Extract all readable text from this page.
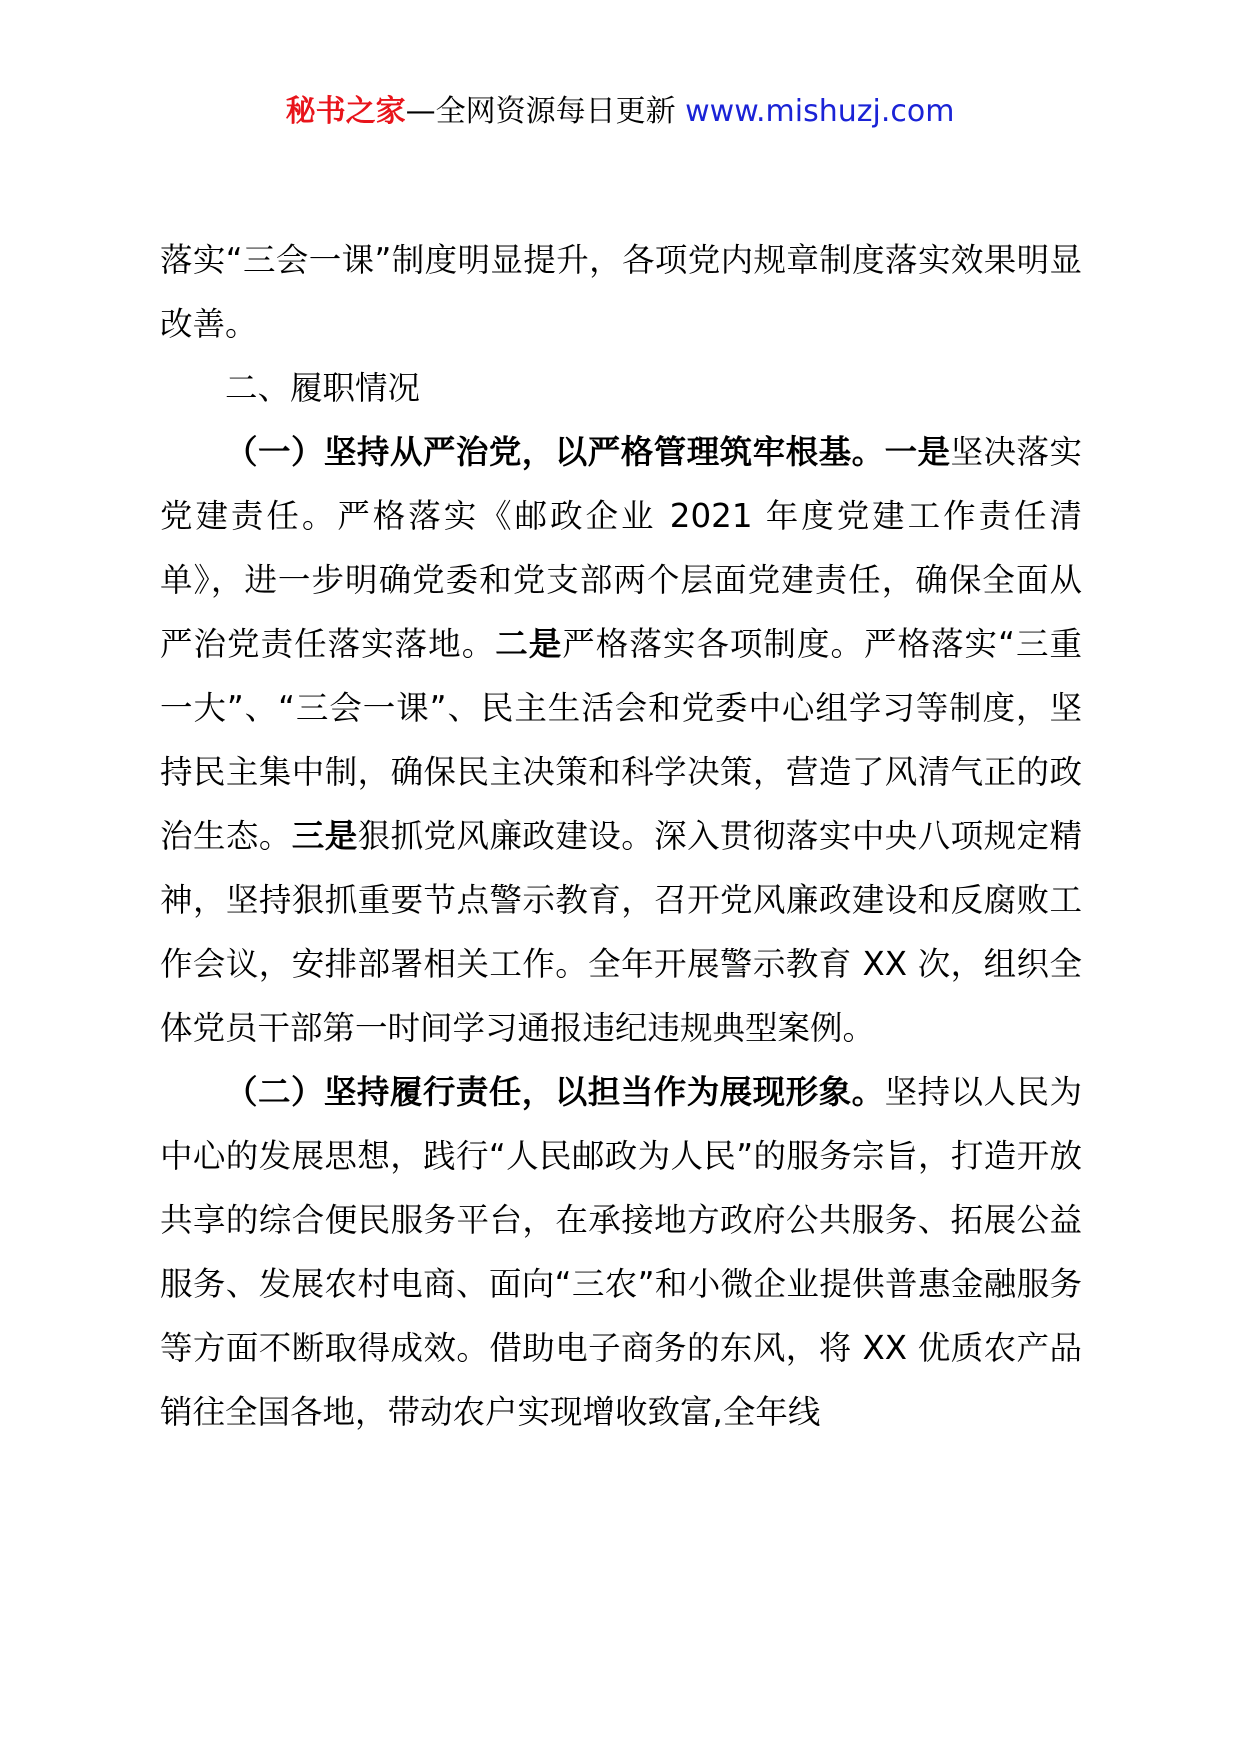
秘书之家—全网资源每日更新 www.mishuzj.com

落实“三会一课”制度明显提升，各项党内规章制度落实效果明显改善。

二、履职情况

（一）坚持从严治党，以严格管理筑牢根基。一是坚决落实党建责任。严格落实《邮政企业 2021 年度党建工作责任清单》，进一步明确党委和党支部两个层面党建责任，确保全面从严治党责任落实落地。二是严格落实各项制度。严格落实“三重一大”、“三会一课”、民主生活会和党委中心组学习等制度，坚持民主集中制，确保民主决策和科学决策，营造了风清气正的政治生态。三是狠抓党风廉政建设。深入贯彻落实中央八项规定精神，坚持狠抓重要节点警示教育，召开党风廉政建设和反腐败工作会议，安排部署相关工作。全年开展警示教育 XX 次，组织全体党员干部第一时间学习通报违纪违规典型案例。

（二）坚持履行责任，以担当作为展现形象。坚持以人民为中心的发展思想，践行“人民邮政为人民”的服务宗旨，打造开放共享的综合便民服务平台，在承接地方政府公共服务、拓展公益服务、发展农村电商、面向“三农”和小微企业提供普惠金融服务等方面不断取得成效。借助电子商务的东风，将 XX 优质农产品销往全国各地，带动农户实现增收致富,全年线
